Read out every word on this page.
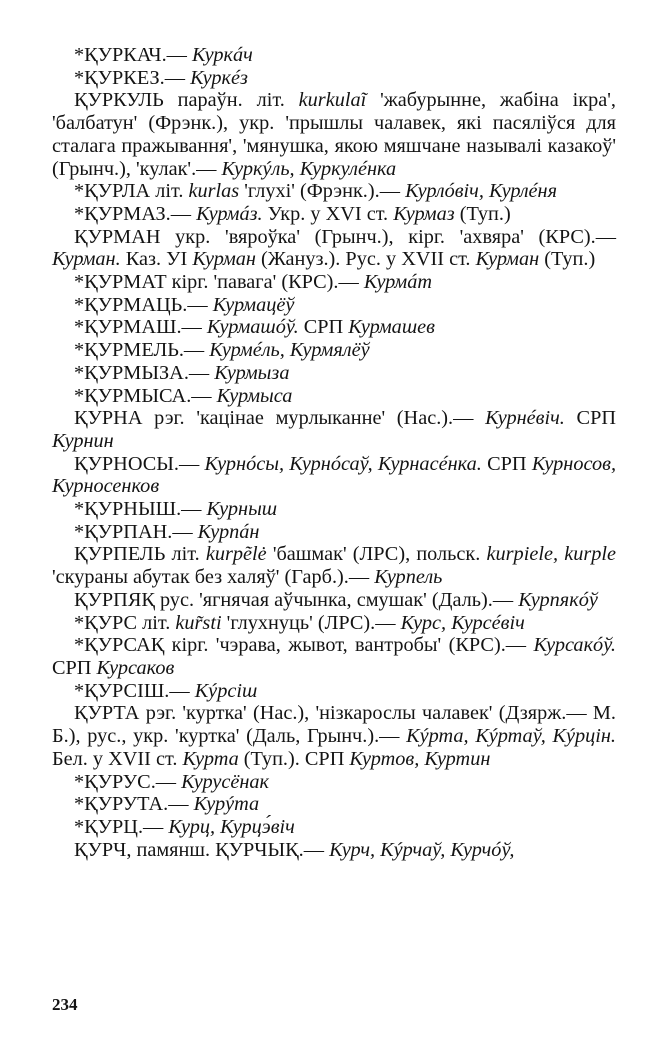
*ҚУРКАЧ.— Куркáч

*ҚУРКЕЗ.— Куркéз

ҚУРКУЛЬ параўн. літ. kurkulaĩ 'жабурынне, жабіна ікра', 'балбатун' (Фрэнк.), укр. 'прышлы чалавек, які пасяліўся для сталага пражывання', 'мянушка, якою мяшчане называлі казакоў' (Грынч.), 'кулак'.— Куркýль, Куркулéнка

*ҚУРЛА літ. kurlas 'глухі' (Фрэнк.).— Курлóвіч, Курлéня

*ҚУРМАЗ.— Курмáз. Укр. у XVI ст. Курмаз (Туп.)

ҚУРМАН укр. 'вяроўка' (Грынч.), кірг. 'ахвяра' (КРС).— Курман. Каз. УІ Курман (Жануз.). Рус. у XVII ст. Курман (Туп.)

*ҚУРМАТ кірг. 'павага' (КРС).— Курмáт

*ҚУРМАЦЬ.— Курмацёў

*ҚУРМАШ.— Курмашóў. СРП Курмашев

*ҚУРМЕЛЬ.— Курмéль, Курмялёў

*ҚУРМЫЗА.— Курмыза

*ҚУРМЫСА.— Курмыса

ҚУРНА рэг. 'кацінае мурлыканне' (Нас.).— Курнéвіч. СРП Курнин

ҚУРНОСЫ.— Курнóсы, Курнóсаў, Курнасéнка. СРП Курносов, Курносенков

*ҚУРНЫШ.— Курныш

*ҚУРПАН.— Курпáн

ҚУРПЕЛЬ літ. kurpẽlė 'башмак' (ЛРС), польск. kurpiele, kurple 'скураны абутак без халяў' (Гарб.).— Курпель

ҚУРПЯҚ рус. 'ягнячая аўчынка, смушак' (Даль).— Курпякóў

*ҚУРС літ. kur̃sti 'глухнуць' (ЛРС).— Курс, Курсéвіч

*ҚУРСАҚ кірг. 'чэрава, жывот, вантробы' (КРС).— Курсакóў. СРП Курсаков

*ҚУРСІШ.— Кýрсіш

ҚУРТА рэг. 'куртка' (Нас.), 'нізкарослы чалавек' (Дзярж.— М. Б.), рус., укр. 'куртка' (Даль, Грынч.).— Кýрта, Кýртаў, Кýрцін. Бел. у XVII ст. Курта (Туп.). СРП Куртов, Куртин

*ҚУРУС.— Курусёнак

*ҚУРУТА.— Курýта

*ҚУРЦ.— Курц, Курцэ́віч

ҚУРЧ, памянш. ҚУРЧЫҚ.— Курч, Кýрчаў, Курчóў,

234
